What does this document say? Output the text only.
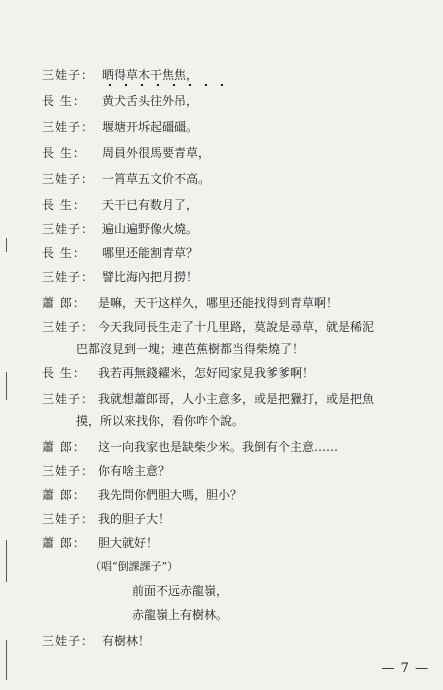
三娃子： 晒得草木干焦焦，
長 生：	黄犬舌头往外吊，
三娃子： 堰塘开坼起礓礓。
長 生：	周員外很馬要青草，
三娃子： 一筲草五文价不高。
長 生：	天干已有数月了，
三娃子： 遍山遍野像火燒。
長 生：	哪里还能割青草？
三娃子： 譬比海內把月撈！
蕭 郎：	是嘛，天干这样久，哪里还能找得到青草啊！
三娃子： 今天我同長生走了十几里路，莫說是尋草，就是稀泥
巴都沒見到一塊；連芭蕉樹都当得柴燒了！
長 生：	我若再無錢糴米，怎好囘家見我爹爹啊！
三娃子： 我就想蕭郎哥，人小主意多，或是把獵打，或是把魚
摸，所以來找你，看你咋个說。
蕭 郎：	这一向我家也是缺柴少米。我倒有个主意……
三娃子： 你有啥主意？
蕭 郎：	我先問你們胆大嗎，胆小？
三娃子： 我的胆子大！
蕭 郎：	胆大就好！
（唱“倒課課子”）
前面不远赤龍嶺，
赤龍嶺上有樹林。
三娃子： 有樹林！
— 7 —
